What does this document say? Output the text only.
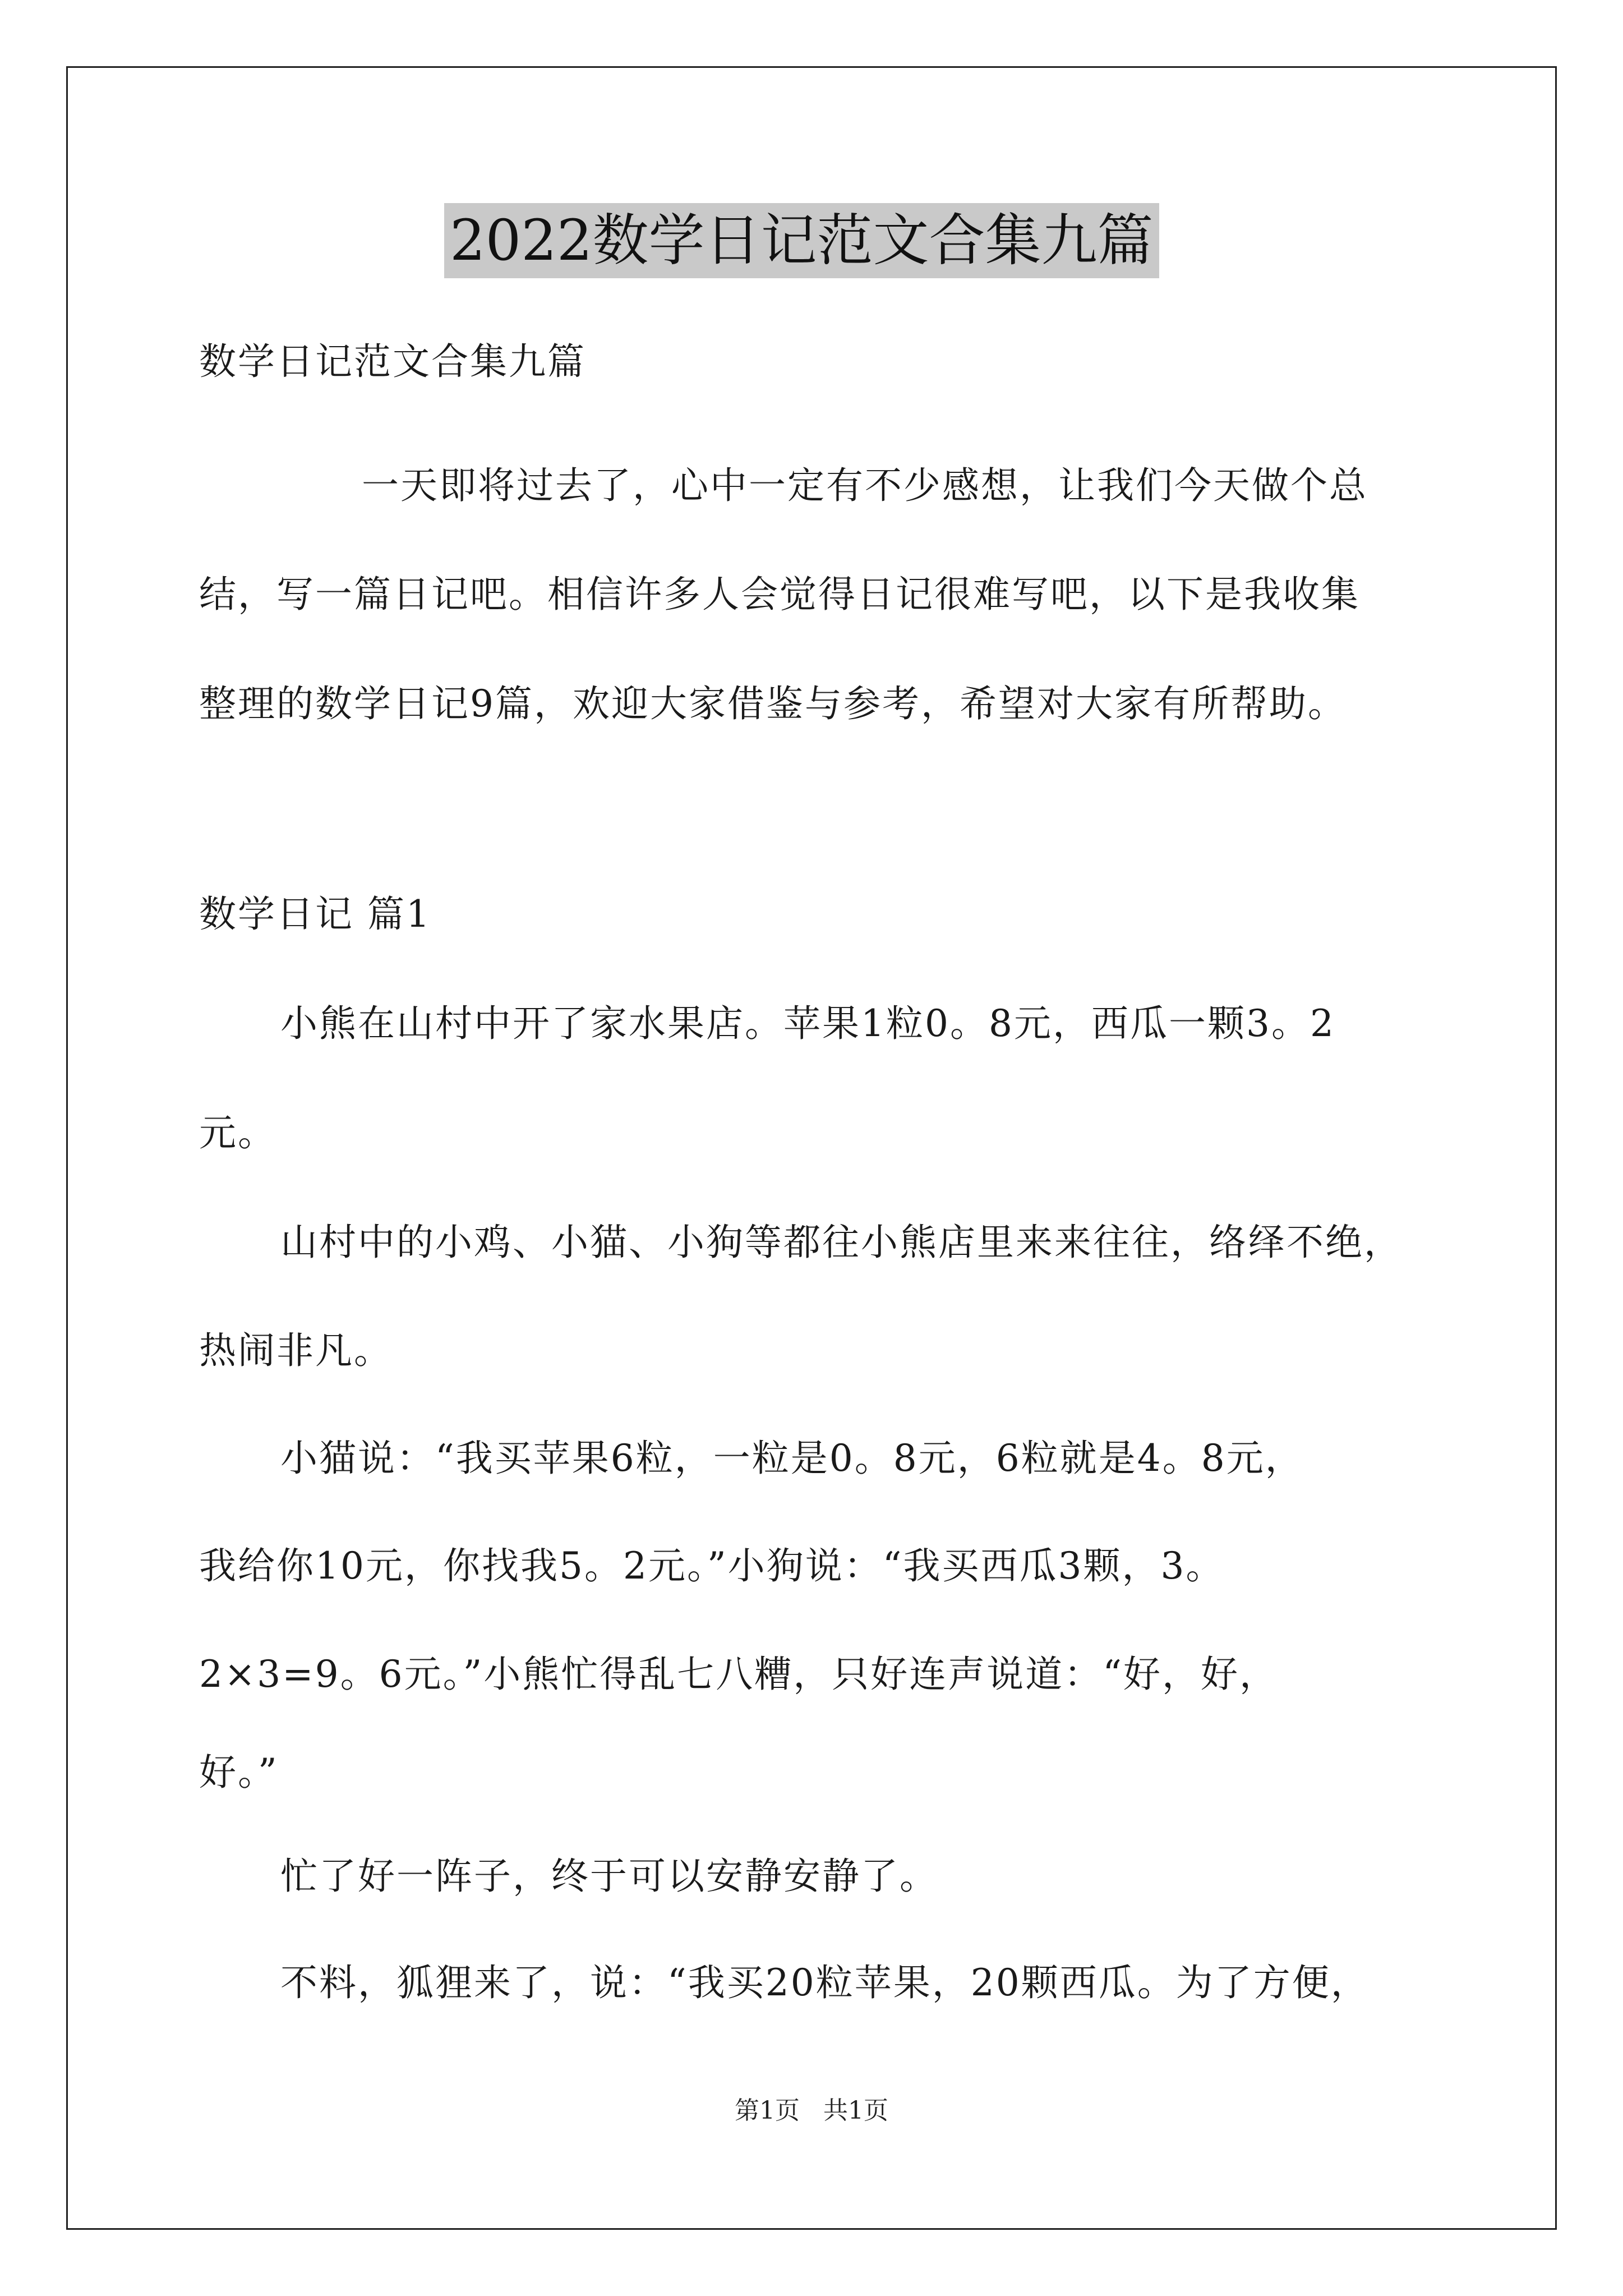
2022数学日记范文合集九篇
数学日记范文合集九篇
一天即将过去了，心中一定有不少感想，让我们今天做个总
结，写一篇日记吧。相信许多人会觉得日记很难写吧，以下是我收集
整理的数学日记9篇，欢迎大家借鉴与参考，希望对大家有所帮助。
数学日记 篇1
小熊在山村中开了家水果店。苹果1粒0。8元，西瓜一颗3。2
元。
山村中的小鸡、小猫、小狗等都往小熊店里来来往往，络绎不绝，
热闹非凡。
小猫说：“我买苹果6粒，一粒是0。8元，6粒就是4。8元，
我给你10元，你找我5。2元。”小狗说：“我买西瓜3颗，3。
2×3=9。6元。”小熊忙得乱七八糟，只好连声说道：“好，好，
好。”
忙了好一阵子，终于可以安静安静了。
不料，狐狸来了，说：“我买20粒苹果，20颗西瓜。为了方便，
第1页 共1页
